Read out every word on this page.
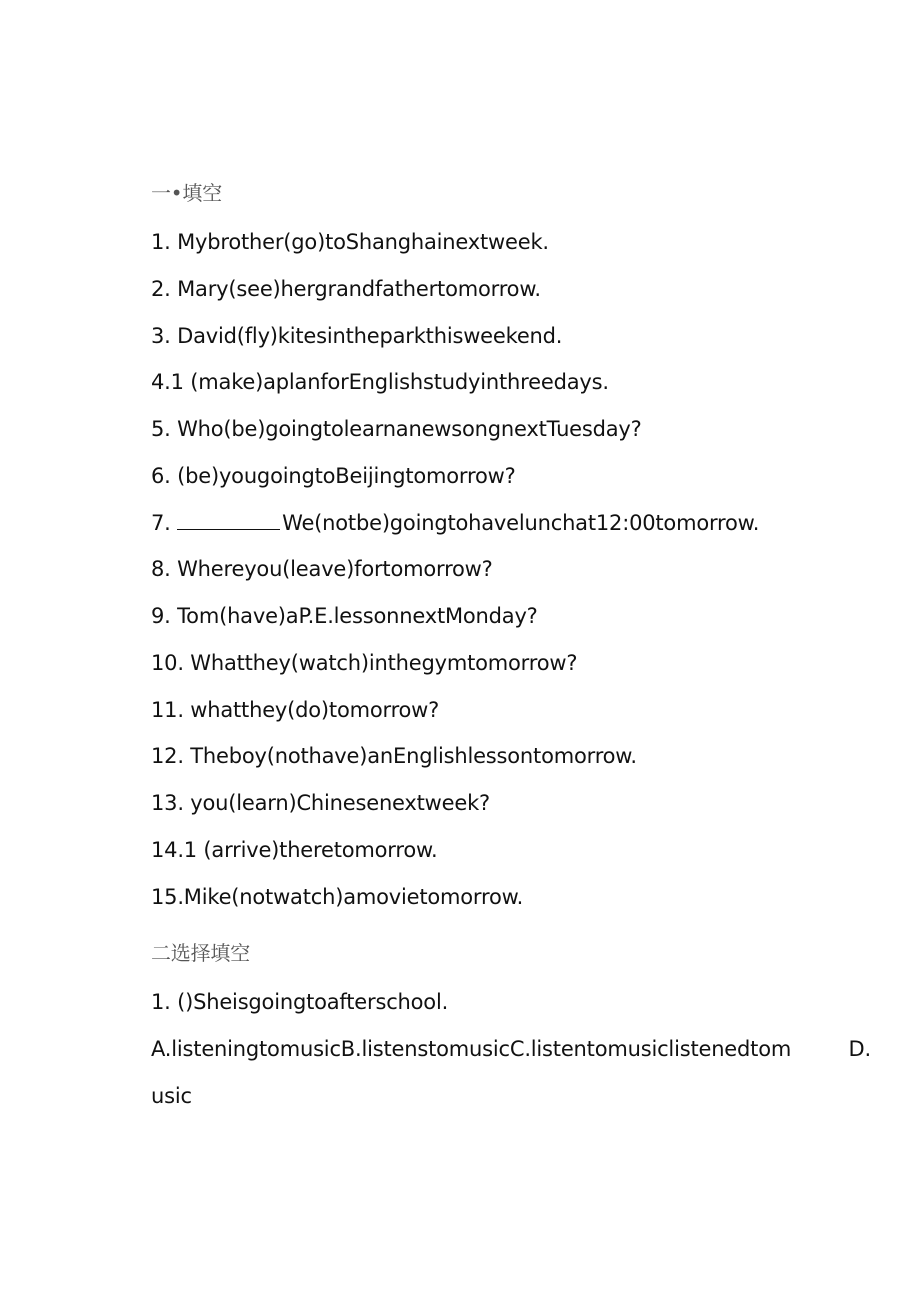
一•填空
1. Mybrother(go)toShanghainextweek.
2. Mary(see)hergrandfathertomorrow.
3. David(fly)kitesintheparkthisweekend.
4.1 (make)aplanforEnglishstudyinthreedays.
5. Who(be)goingtolearnanewsongnextTuesday?
6. (be)yougoingtoBeijingtomorrow?
7.	We(notbe)goingtohavelunchat12:00tomorrow.
8. Whereyou(leave)fortomorrow?
9. Tom(have)aP.E.lessonnextMonday?
10. Whatthey(watch)inthegymtomorrow?
11. whatthey(do)tomorrow?
12. Theboy(nothave)anEnglishlessontomorrow.
13. you(learn)Chinesenextweek?
14.1 (arrive)theretomorrow.
15.Mike(notwatch)amovietomorrow.
二选择填空
1. ()Sheisgoingtoafterschool.
A.listeningtomusicB.listenstomusicC.listentomusiclistenedtom	D.
usic
